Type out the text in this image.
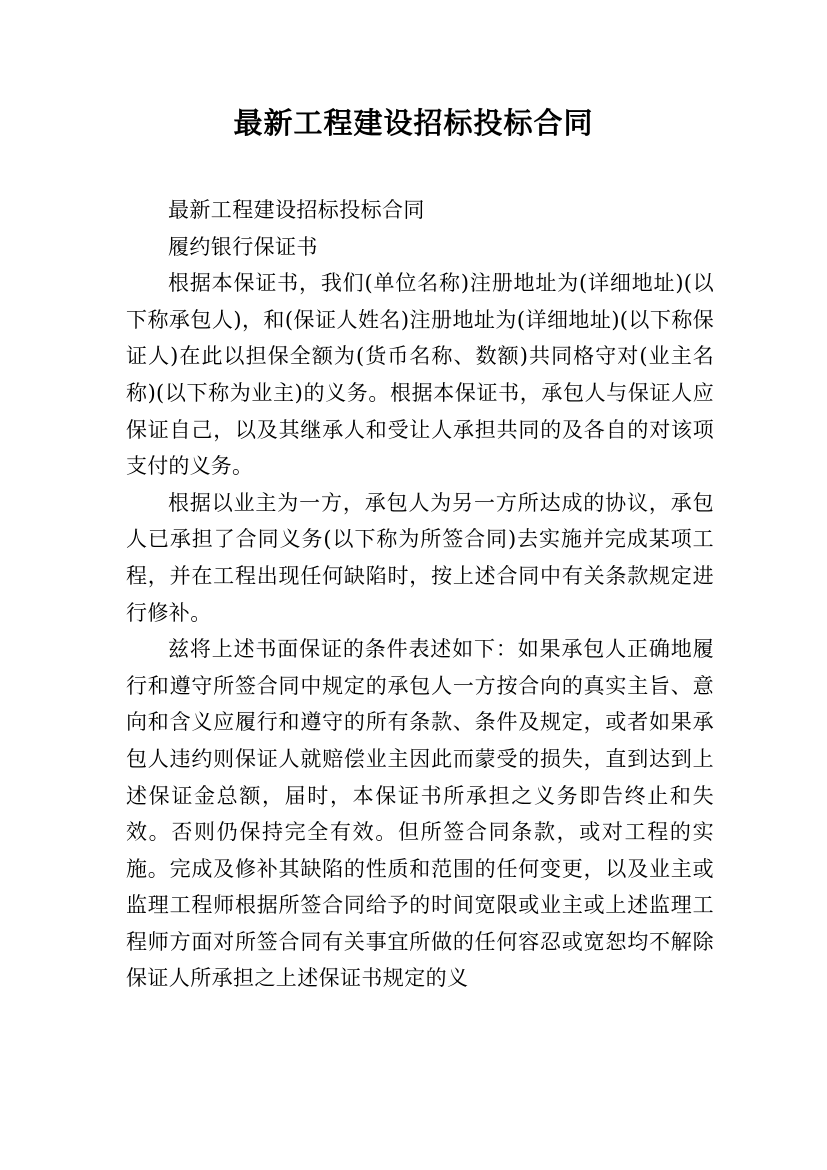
最新工程建设招标投标合同

最新工程建设招标投标合同

履约银行保证书

根据本保证书，我们(单位名称)注册地址为(详细地址)(以下称承包人)，和(保证人姓名)注册地址为(详细地址)(以下称保证人)在此以担保全额为(货币名称、数额)共同格守对(业主名称)(以下称为业主)的义务。根据本保证书，承包人与保证人应保证自己，以及其继承人和受让人承担共同的及各自的对该项支付的义务。

根据以业主为一方，承包人为另一方所达成的协议，承包人已承担了合同义务(以下称为所签合同)去实施并完成某项工程，并在工程出现任何缺陷时，按上述合同中有关条款规定进行修补。

兹将上述书面保证的条件表述如下：如果承包人正确地履行和遵守所签合同中规定的承包人一方按合向的真实主旨、意向和含义应履行和遵守的所有条款、条件及规定，或者如果承包人违约则保证人就赔偿业主因此而蒙受的损失，直到达到上述保证金总额，届时，本保证书所承担之义务即告终止和失效。否则仍保持完全有效。但所签合同条款，或对工程的实施。完成及修补其缺陷的性质和范围的任何变更，以及业主或监理工程师根据所签合同给予的时间宽限或业主或上述监理工程师方面对所签合同有关事宜所做的任何容忍或宽恕均不解除保证人所承担之上述保证书规定的义
